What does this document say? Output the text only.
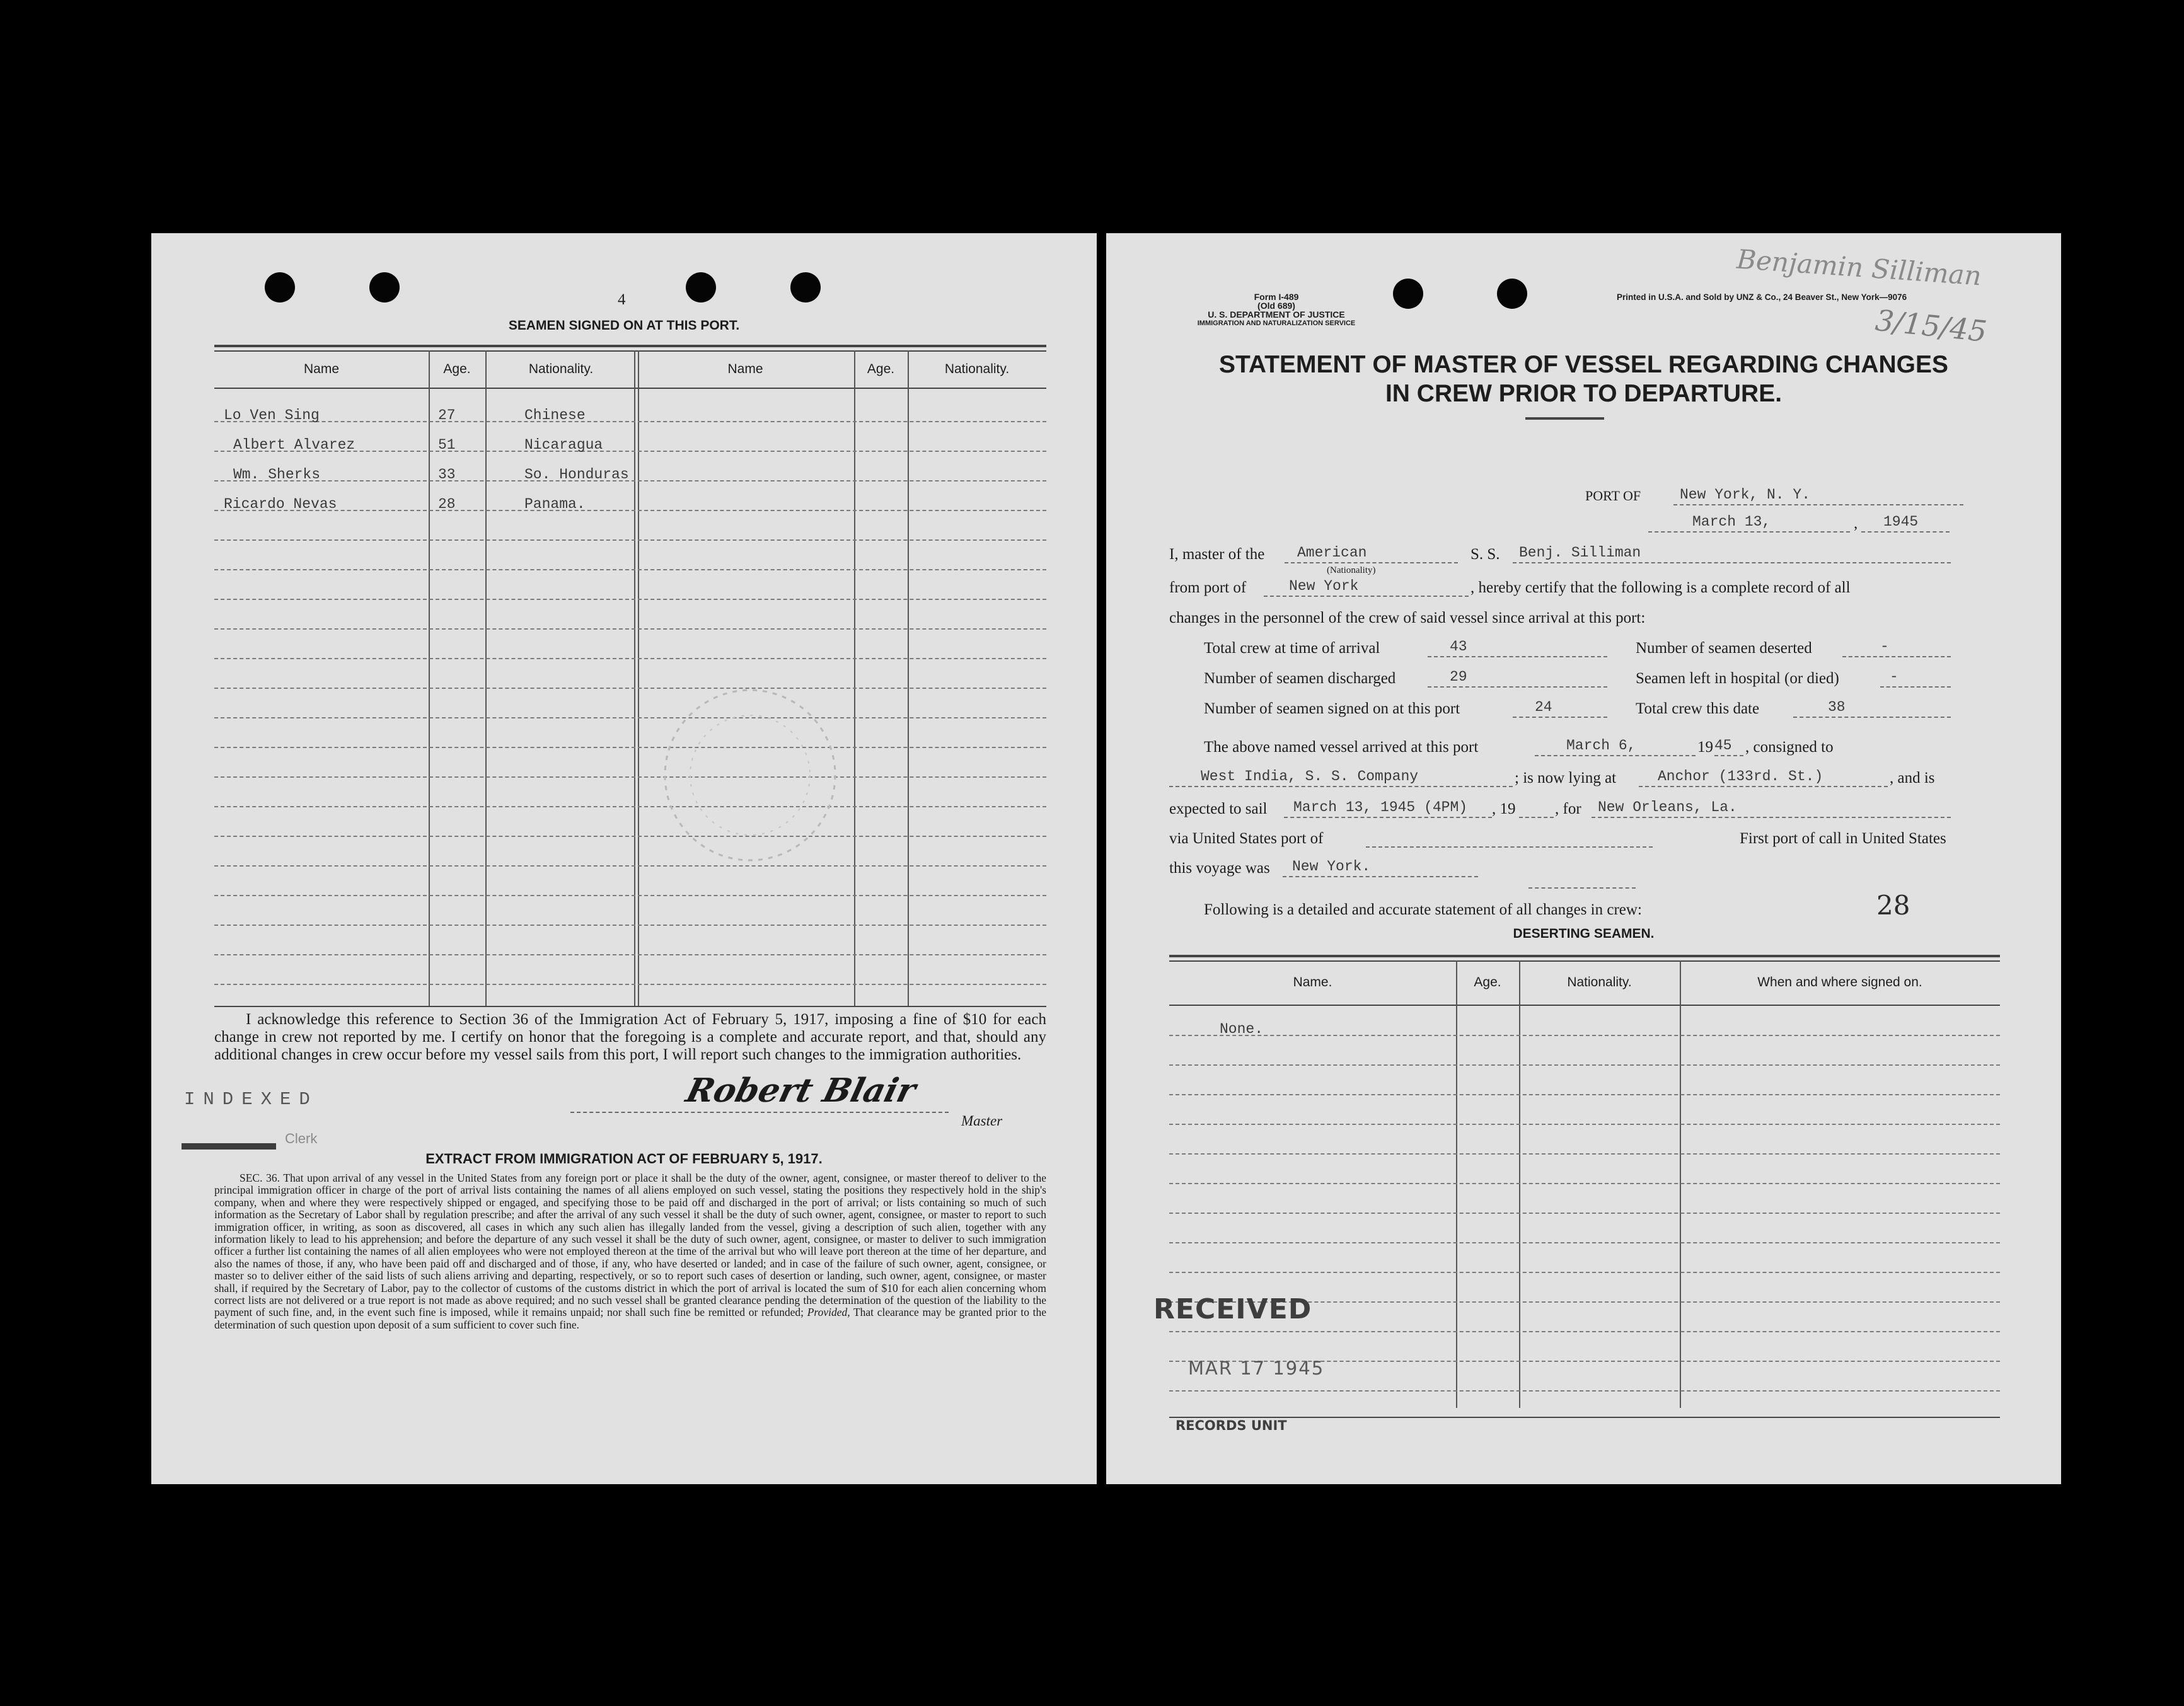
4
SEAMEN SIGNED ON AT THIS PORT.
Name	Age.	Nationality.	Name	Age.	Nationality.
Lo Ven Sing	27	Chinese
Albert Alvarez	51	Nicaragua
Wm. Sherks	33	So. Honduras
Ricardo Nevas	28	Panama.
I acknowledge this reference to Section 36 of the Immigration Act of February 5, 1917, imposing a fine of $10 for each change in crew not reported by me. I certify on honor that the foregoing is a complete and accurate report, and that, should any additional changes in crew occur before my vessel sails from this port, I will report such changes to the immigration authorities.
INDEXED
Clerk
Robert Blair
Master
EXTRACT FROM IMMIGRATION ACT OF FEBRUARY 5, 1917.
SEC. 36. That upon arrival of any vessel in the United States from any foreign port or place it shall be the duty of the owner, agent, consignee, or master thereof to deliver to the principal immigration officer in charge of the port of arrival lists containing the names of all aliens employed on such vessel, stating the positions they respectively hold in the ship's company, when and where they were respectively shipped or engaged, and specifying those to be paid off and discharged in the port of arrival; or lists containing so much of such information as the Secretary of Labor shall by regulation prescribe; and after the arrival of any such vessel it shall be the duty of such owner, agent, consignee, or master to report to such immigration officer, in writing, as soon as discovered, all cases in which any such alien has illegally landed from the vessel, giving a description of such alien, together with any information likely to lead to his apprehension; and before the departure of any such vessel it shall be the duty of such owner, agent, consignee, or master to deliver to such immigration officer a further list containing the names of all alien employees who were not employed thereon at the time of the arrival but who will leave port thereon at the time of her departure, and also the names of those, if any, who have been paid off and discharged and of those, if any, who have deserted or landed; and in case of the failure of such owner, agent, consignee, or master so to deliver either of the said lists of such aliens arriving and departing, respectively, or so to report such cases of desertion or landing, such owner, agent, consignee, or master shall, if required by the Secretary of Labor, pay to the collector of customs of the customs district in which the port of arrival is located the sum of $10 for each alien concerning whom correct lists are not delivered or a true report is not made as above required; and no such vessel shall be granted clearance pending the determination of the question of the liability to the payment of such fine, and, in the event such fine is imposed, while it remains unpaid; nor shall such fine be remitted or refunded; Provided, That clearance may be granted prior to the determination of such question upon deposit of a sum sufficient to cover such fine.
Form I-489
(Old 689)
U. S. DEPARTMENT OF JUSTICE
IMMIGRATION AND NATURALIZATION SERVICE
Printed in U.S.A. and Sold by UNZ & Co., 24 Beaver St., New York—9076
Benjamin Silliman
3/15/45
STATEMENT OF MASTER OF VESSEL REGARDING CHANGES
IN CREW PRIOR TO DEPARTURE.
PORT OF	New York, N. Y.
March 13,	, 1945
I, master of the American
(Nationality)
S. S. Benj. Silliman
from port of	New York	, hereby certify that the following is a complete record of all
changes in the personnel of the crew of said vessel since arrival at this port:
Total crew at time of arrival	43	Number of seamen deserted	-
Number of seamen discharged	29	Seamen left in hospital (or died)	-
Number of seamen signed on at this port	24	Total crew this date	38
The above named vessel arrived at this port	March 6,	19 45 , consigned to
West India, S. S. Company	; is now lying at	Anchor (133rd. St.)	, and is
expected to sail March 13, 1945 (4PM) , 19	, for New Orleans, La.
via United States port of	First port of call in United States
this voyage was New York.
Following is a detailed and accurate statement of all changes in crew:	28
DESERTING SEAMEN.
Name.	Age.	Nationality.	When and where signed on.
None.
RECEIVED
MAR 17 1945
RECORDS UNIT
